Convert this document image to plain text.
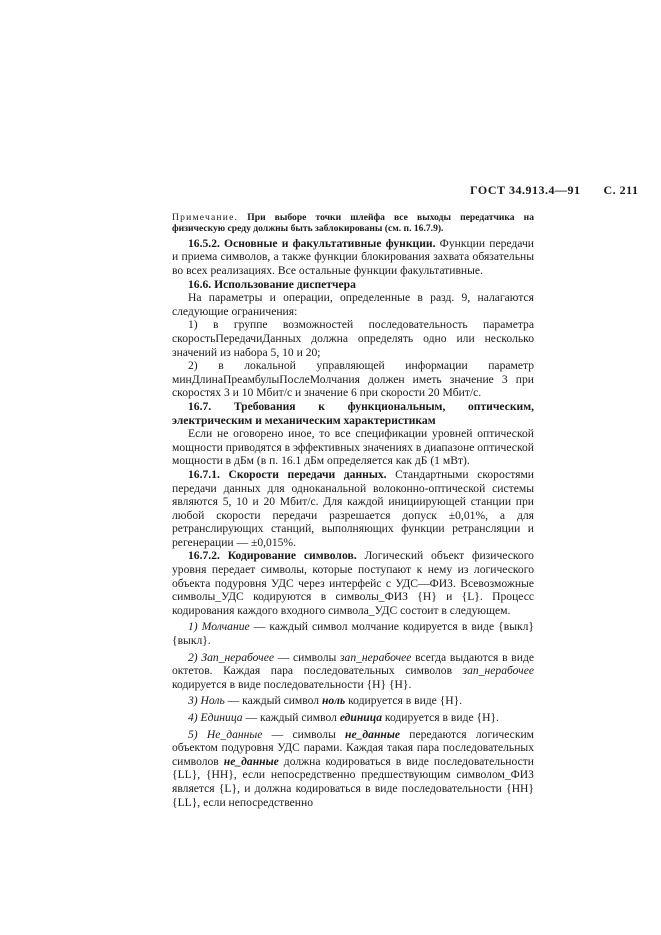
ГОСТ 34.913.4—91 С. 211

Примечание. При выборе точки шлейфа все выходы передатчика на физическую среду должны быть заблокированы (см. п. 16.7.9).

16.5.2. Основные и факультативные функции. Функции передачи и приема символов, а также функции блокирования захвата обязательны во всех реализациях. Все остальные функции факультативные.

16.6. Использование диспетчера

На параметры и операции, определенные в разд. 9, налагаются следующие ограничения:

1) в группе возможностей последовательность параметра скоростьПередачиДанных должна определять одно или несколько значений из набора 5, 10 и 20;

2) в локальной управляющей информации параметр минДлинаПреамбулыПослеМолчания должен иметь значение 3 при скоростях 3 и 10 Мбит/с и значение 6 при скорости 20 Мбит/с.

16.7. Требования к функциональным, оптическим, электрическим и механическим характеристикам

Если не оговорено иное, то все спецификации уровней оптической мощности приводятся в эффективных значениях в диапазоне оптической мощности в дБм (в п. 16.1 дБм определяется как дБ (1 мВт).

16.7.1. Скорости передачи данных. Стандартными скоростями передачи данных для одноканальной волоконно-оптической системы являются 5, 10 и 20 Мбит/с. Для каждой инициирующей станции при любой скорости передачи разрешается допуск ±0,01%, а для ретранслирующих станций, выполняющих функции ретрансляции и регенерации — ±0,015%.

16.7.2. Кодирование символов. Логический объект физического уровня передает символы, которые поступают к нему из логического объекта подуровня УДС через интерфейс с УДС—ФИЗ. Всевозможные символы_УДС кодируются в символы_ФИЗ {H} и {L}. Процесс кодирования каждого входного символа_УДС состоит в следующем.

1) Молчание — каждый символ молчание кодируется в виде {выкл} {выкл}.

2) Зап_нерабочее — символы зап_нерабочее всегда выдаются в виде октетов. Каждая пара последовательных символов зап_нерабочее кодируется в виде последовательности {H} {H}.

3) Ноль — каждый символ ноль кодируется в виде {H}.

4) Единица — каждый символ единица кодируется в виде {H}.

5) Не_данные — символы не_данные передаются логическим объектом подуровня УДС парами. Каждая такая пара последовательных символов не_данные должна кодироваться в виде последовательности {LL}, {HH}, если непосредственно предшествующим символом_ФИЗ является {L}, и должна кодироваться в виде последовательности {HH} {LL}, если непосредственно
